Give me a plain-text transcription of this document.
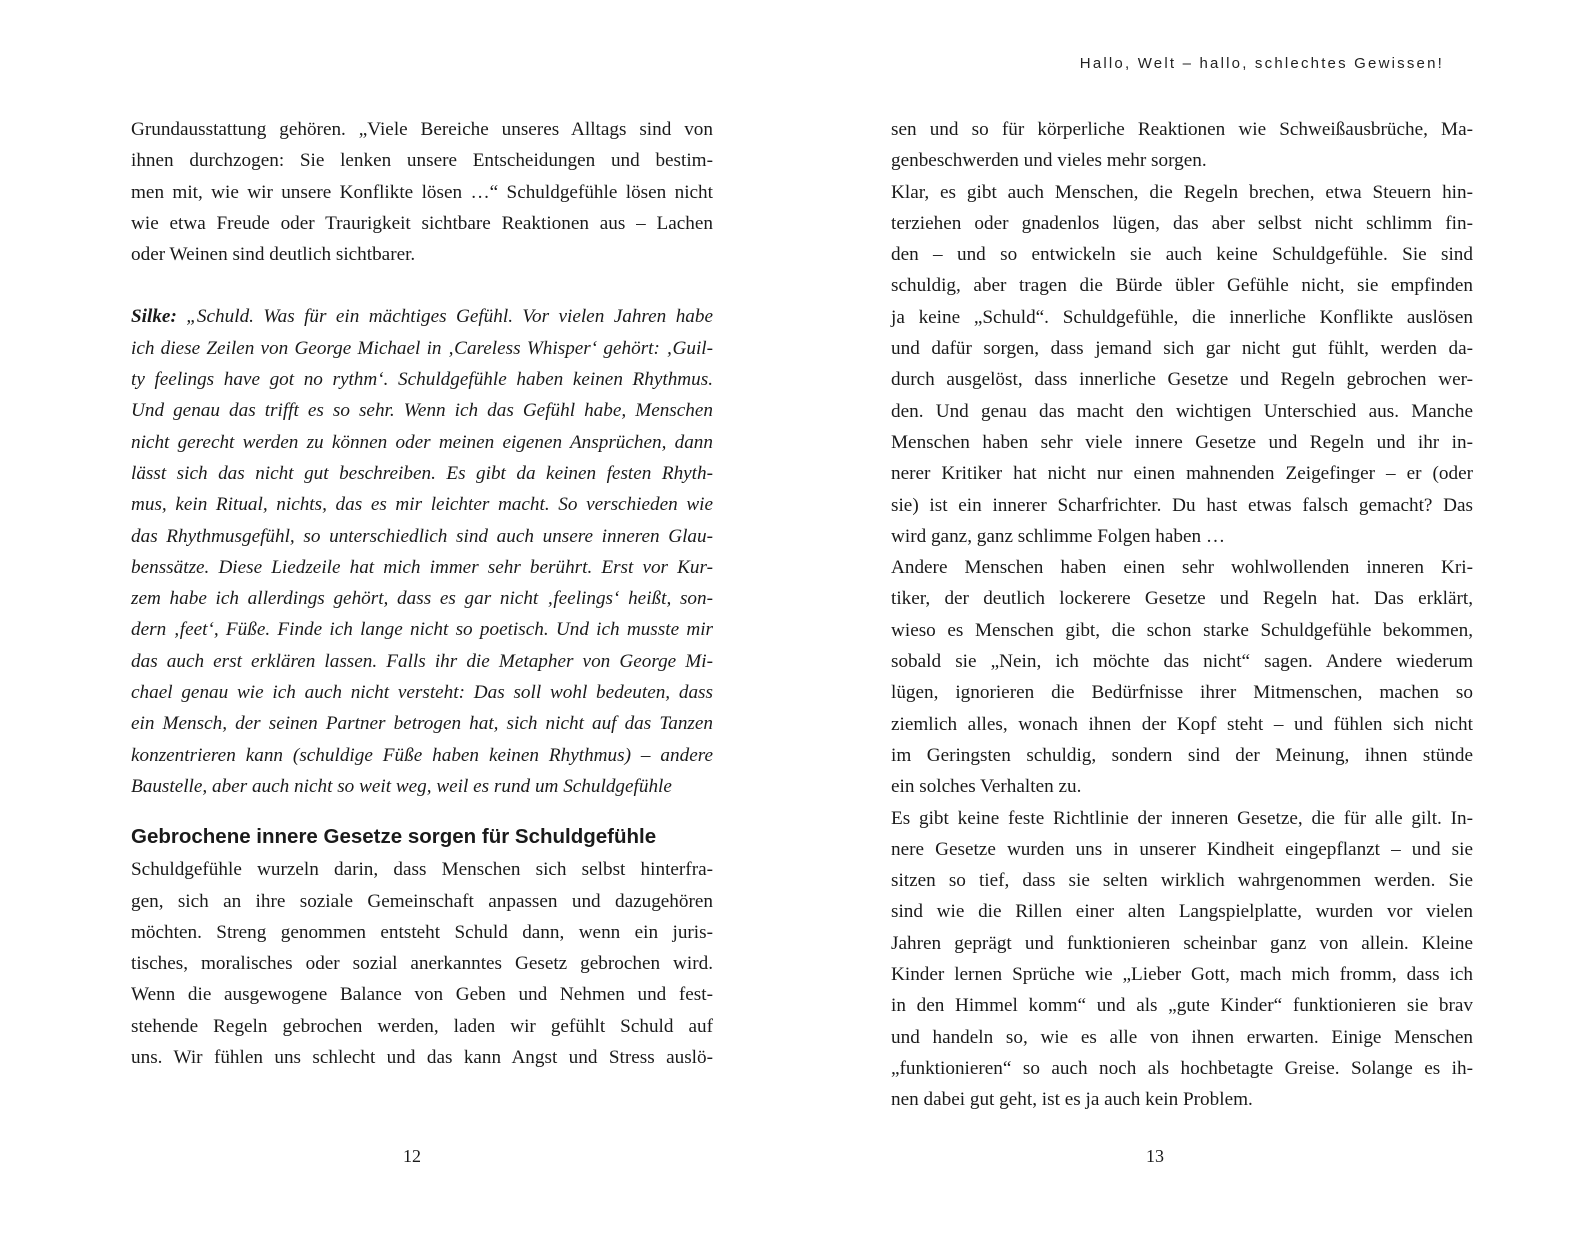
Grundausstattung gehören. „Viele Bereiche unseres Alltags sind von
ihnen durchzogen: Sie lenken unsere Entscheidungen und bestim-
men mit, wie wir unsere Konflikte lösen …“ Schuldgefühle lösen nicht
wie etwa Freude oder Traurigkeit sichtbare Reaktionen aus – Lachen
oder Weinen sind deutlich sichtbarer.
Silke: „Schuld. Was für ein mächtiges Gefühl. Vor vielen Jahren habe
ich diese Zeilen von George Michael in ‚Careless Whisper‘ gehört: ‚Guil-
ty feelings have got no rythm‘. Schuldgefühle haben keinen Rhythmus.
Und genau das trifft es so sehr. Wenn ich das Gefühl habe, Menschen
nicht gerecht werden zu können oder meinen eigenen Ansprüchen, dann
lässt sich das nicht gut beschreiben. Es gibt da keinen festen Rhyth-
mus, kein Ritual, nichts, das es mir leichter macht. So verschieden wie
das Rhythmusgefühl, so unterschiedlich sind auch unsere inneren Glau-
benssätze. Diese Liedzeile hat mich immer sehr berührt. Erst vor Kur-
zem habe ich allerdings gehört, dass es gar nicht ‚feelings‘ heißt, son-
dern ‚feet‘, Füße. Finde ich lange nicht so poetisch. Und ich musste mir
das auch erst erklären lassen. Falls ihr die Metapher von George Mi-
chael genau wie ich auch nicht versteht: Das soll wohl bedeuten, dass
ein Mensch, der seinen Partner betrogen hat, sich nicht auf das Tanzen
konzentrieren kann (schuldige Füße haben keinen Rhythmus) – andere
Baustelle, aber auch nicht so weit weg, weil es rund um Schuldgefühle
Gebrochene innere Gesetze sorgen für Schuldgefühle
Schuldgefühle wurzeln darin, dass Menschen sich selbst hinterfra-
gen, sich an ihre soziale Gemeinschaft anpassen und dazugehören
möchten. Streng genommen entsteht Schuld dann, wenn ein juris-
tisches, moralisches oder sozial anerkanntes Gesetz gebrochen wird.
Wenn die ausgewogene Balance von Geben und Nehmen und fest-
stehende Regeln gebrochen werden, laden wir gefühlt Schuld auf
uns. Wir fühlen uns schlecht und das kann Angst und Stress auslö-
12
Hallo, Welt – hallo, schlechtes Gewissen!
sen und so für körperliche Reaktionen wie Schweißausbrüche, Ma-
genbeschwerden und vieles mehr sorgen.
Klar, es gibt auch Menschen, die Regeln brechen, etwa Steuern hin-
terziehen oder gnadenlos lügen, das aber selbst nicht schlimm fin-
den – und so entwickeln sie auch keine Schuldgefühle. Sie sind
schuldig, aber tragen die Bürde übler Gefühle nicht, sie empfinden
ja keine „Schuld“. Schuldgefühle, die innerliche Konflikte auslösen
und dafür sorgen, dass jemand sich gar nicht gut fühlt, werden da-
durch ausgelöst, dass innerliche Gesetze und Regeln gebrochen wer-
den. Und genau das macht den wichtigen Unterschied aus. Manche
Menschen haben sehr viele innere Gesetze und Regeln und ihr in-
nerer Kritiker hat nicht nur einen mahnenden Zeigefinger – er (oder
sie) ist ein innerer Scharfrichter. Du hast etwas falsch gemacht? Das
wird ganz, ganz schlimme Folgen haben …
Andere Menschen haben einen sehr wohlwollenden inneren Kri-
tiker, der deutlich lockerere Gesetze und Regeln hat. Das erklärt,
wieso es Menschen gibt, die schon starke Schuldgefühle bekommen,
sobald sie „Nein, ich möchte das nicht“ sagen. Andere wiederum
lügen, ignorieren die Bedürfnisse ihrer Mitmenschen, machen so
ziemlich alles, wonach ihnen der Kopf steht – und fühlen sich nicht
im Geringsten schuldig, sondern sind der Meinung, ihnen stünde
ein solches Verhalten zu.
Es gibt keine feste Richtlinie der inneren Gesetze, die für alle gilt. In-
nere Gesetze wurden uns in unserer Kindheit eingepflanzt – und sie
sitzen so tief, dass sie selten wirklich wahrgenommen werden. Sie
sind wie die Rillen einer alten Langspielplatte, wurden vor vielen
Jahren geprägt und funktionieren scheinbar ganz von allein. Kleine
Kinder lernen Sprüche wie „Lieber Gott, mach mich fromm, dass ich
in den Himmel komm“ und als „gute Kinder“ funktionieren sie brav
und handeln so, wie es alle von ihnen erwarten. Einige Menschen
„funktionieren“ so auch noch als hochbetagte Greise. Solange es ih-
nen dabei gut geht, ist es ja auch kein Problem.
13
